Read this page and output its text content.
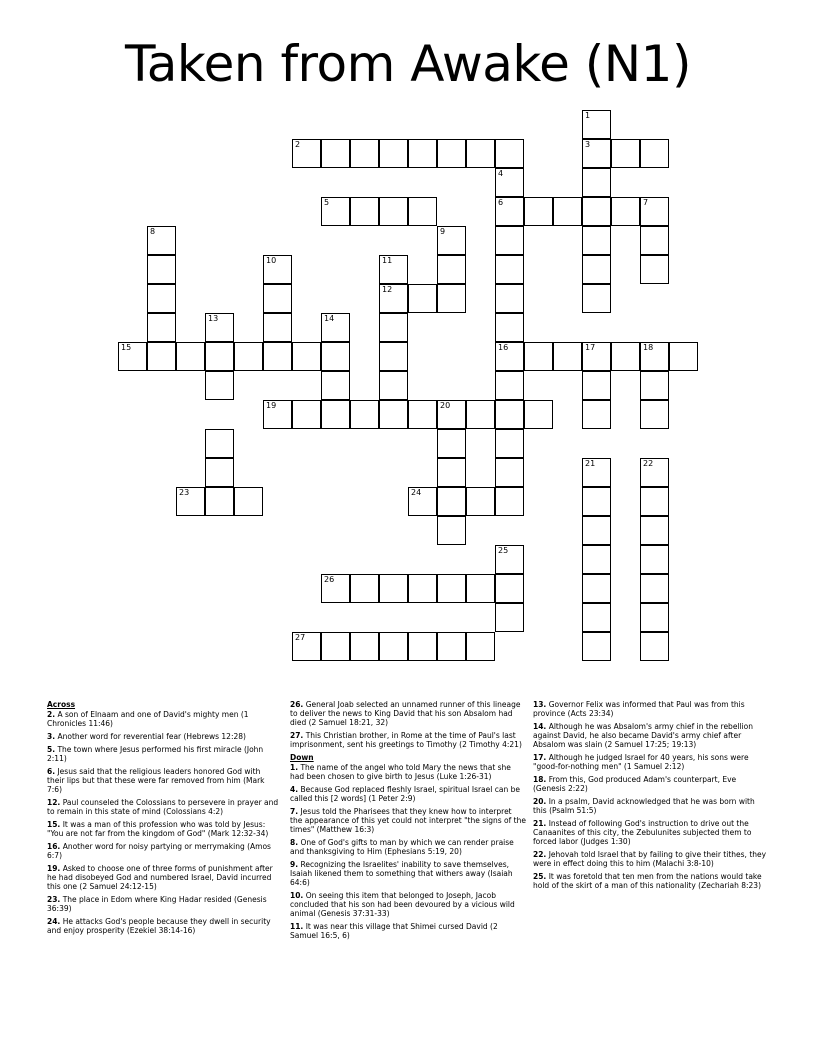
Taken from Awake (N1)
1
2	3
4
5	6	7
8	9
10	11
12
13	14
15	16	17	18
19	20
21	22
23	24
25
26
27
Across
2. A son of Elnaam and one of David's mighty men (1 Chronicles 11:46)
3. Another word for reverential fear (Hebrews 12:28)
5. The town where Jesus performed his first miracle (John 2:11)
6. Jesus said that the religious leaders honored God with their lips but that these were far removed from him (Mark 7:6)
12. Paul counseled the Colossians to persevere in prayer and to remain in this state of mind (Colossians 4:2)
15. It was a man of this profession who was told by Jesus: "You are not far from the kingdom of God" (Mark 12:32-34)
16. Another word for noisy partying or merrymaking (Amos 6:7)
19. Asked to choose one of three forms of punishment after he had disobeyed God and numbered Israel, David incurred this one (2 Samuel 24:12-15)
23. The place in Edom where King Hadar resided (Genesis 36:39)
24. He attacks God's people because they dwell in security and enjoy prosperity (Ezekiel 38:14-16)
26. General Joab selected an unnamed runner of this lineage to deliver the news to King David that his son Absalom had died (2 Samuel 18:21, 32)
27. This Christian brother, in Rome at the time of Paul's last imprisonment, sent his greetings to Timothy (2 Timothy 4:21)
Down
1. The name of the angel who told Mary the news that she had been chosen to give birth to Jesus (Luke 1:26-31)
4. Because God replaced fleshly Israel, spiritual Israel can be called this [2 words] (1 Peter 2:9)
7. Jesus told the Pharisees that they knew how to interpret the appearance of this yet could not interpret "the signs of the times" (Matthew 16:3)
8. One of God's gifts to man by which we can render praise and thanksgiving to Him (Ephesians 5:19, 20)
9. Recognizing the Israelites' inability to save themselves, Isaiah likened them to something that withers away (Isaiah 64:6)
10. On seeing this item that belonged to Joseph, Jacob concluded that his son had been devoured by a vicious wild animal (Genesis 37:31-33)
11. It was near this village that Shimei cursed David (2 Samuel 16:5, 6)
13. Governor Felix was informed that Paul was from this province (Acts 23:34)
14. Although he was Absalom's army chief in the rebellion against David, he also became David's army chief after Absalom was slain (2 Samuel 17:25; 19:13)
17. Although he judged Israel for 40 years, his sons were "good-for-nothing men" (1 Samuel 2:12)
18. From this, God produced Adam's counterpart, Eve (Genesis 2:22)
20. In a psalm, David acknowledged that he was born with this (Psalm 51:5)
21. Instead of following God's instruction to drive out the Canaanites of this city, the Zebulunites subjected them to forced labor (Judges 1:30)
22. Jehovah told Israel that by failing to give their tithes, they were in effect doing this to him (Malachi 3:8-10)
25. It was foretold that ten men from the nations would take hold of the skirt of a man of this nationality (Zechariah 8:23)
